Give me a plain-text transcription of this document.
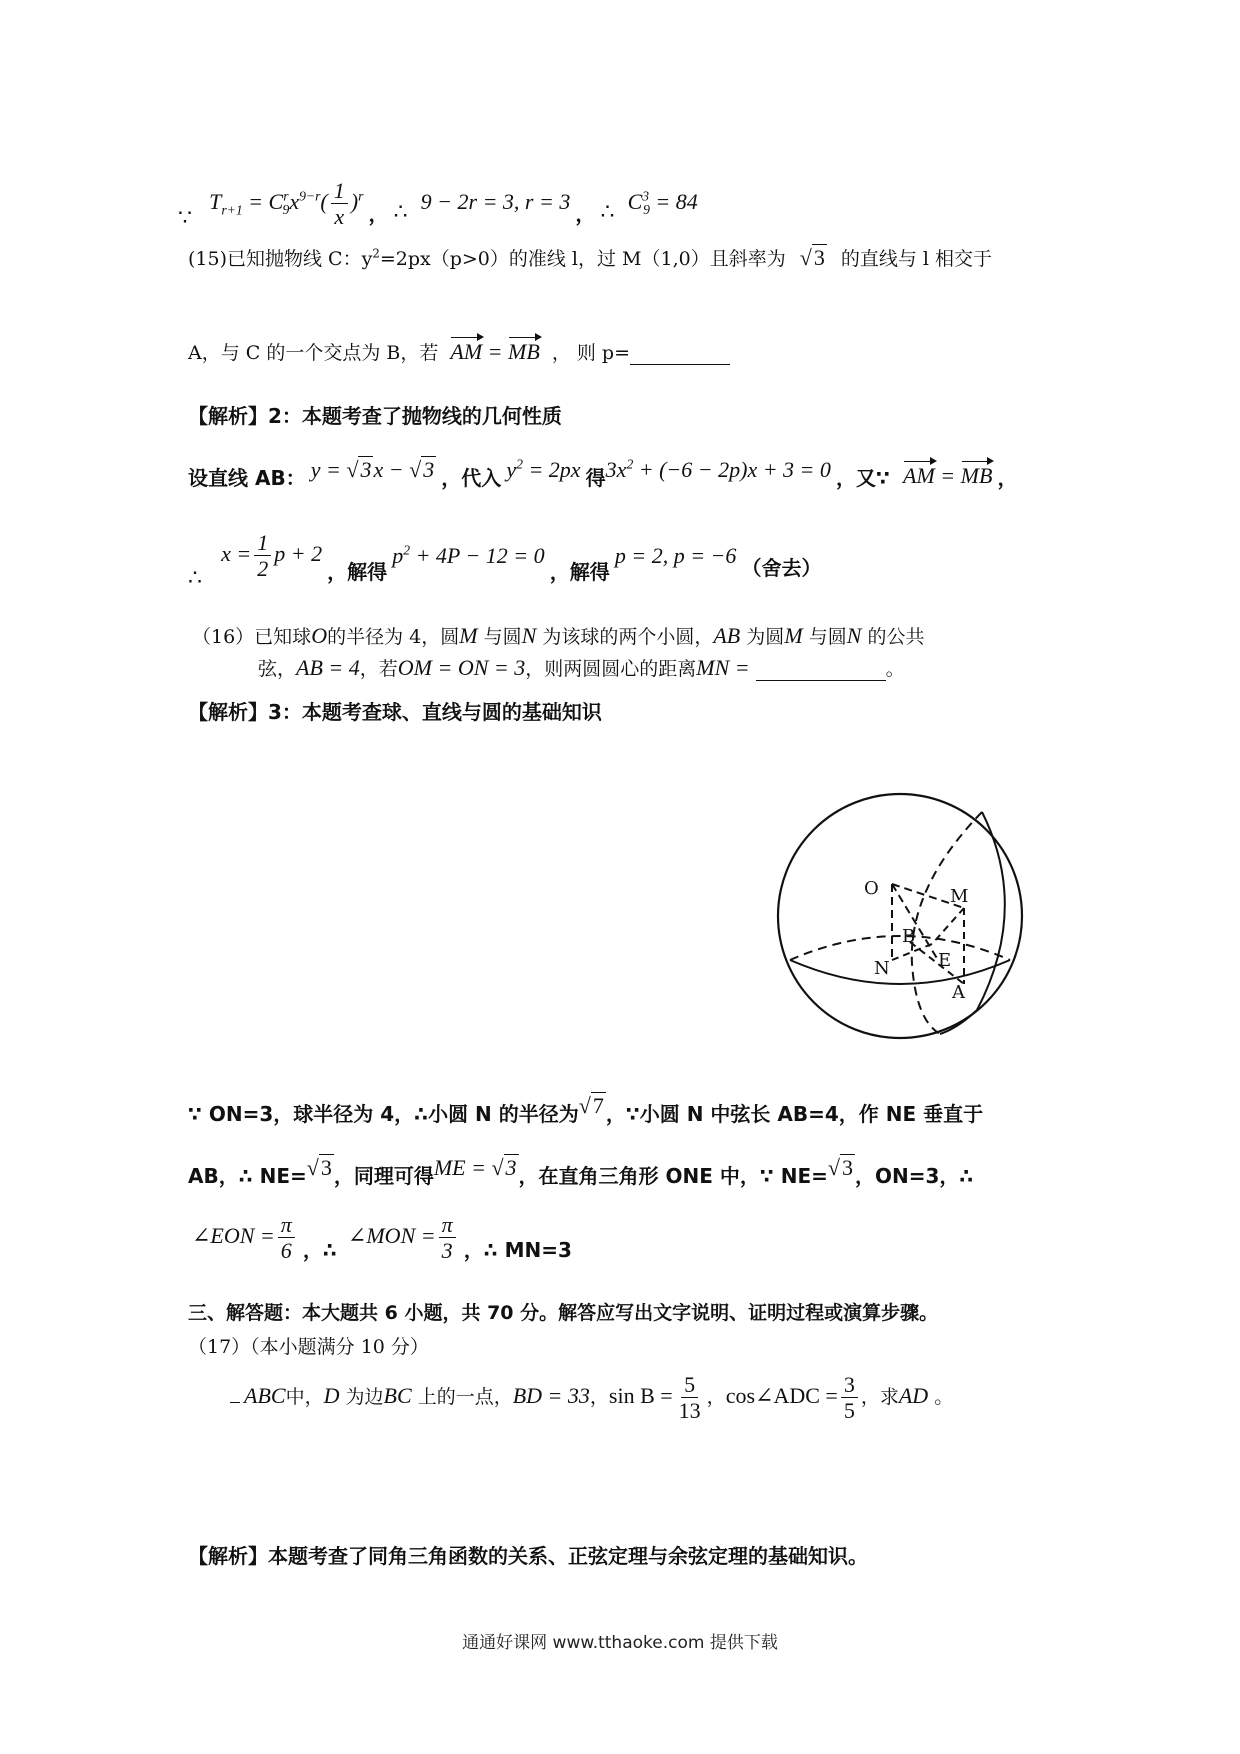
∵ $T_{r+1} = C^r_9x^{9-r}( \frac{1}{x} )^r$ ， ∴ 9 − 2r = 3, r = 3 ， ∴ $C^3_9 = 84$
(15)已知抛物线 C：$y^2=2px(p>0)$的准线 l，过 M（1,0）且斜率为 √3 的直线与 l 相交于
A，与 C 的一个交点为 B，若 AM = MB ， 则 p=
【解析】2：本题考查了抛物线的几何性质
设直线 AB： y = √3x − √3 ，代入 $y^2 = 2px$ 得$3x^2 + (-6 - 2p)x + 3 = 0$ ，又∵ AM = MB ，
∴ $x = \frac{1}{2}$ p + 2 ，解得 $p^2 + 4P - 12 = 0$ ，解得 p = 2, p = −6 （舍去）
（16）已知球O的半径为 4，圆M 与圆N 为该球的两个小圆，AB 为圆M 与圆N 的公共
弦，AB = 4，若OM = ON = 3，则两圆圆心的距离MN =	。
【解析】3：本题考查球、直线与圆的基础知识
O	M
B
N	E
A
∵ ON=3，球半径为 4，∴小圆 N 的半径为√7 ，∵小圆 N 中弦长 AB=4，作 NE 垂直于
AB，∴ NE=√3 ，同理可得ME = √3 ，在直角三角形 ONE 中，∵ NE=√3 ，ON=3，∴
∠EON = $\frac{\pi}{6}$ ，∴ ∠MON = $\frac{\pi}{3}$ ，∴ MN=3
三、解答题：本大题共 6 小题，共 70 分。解答应写出文字说明、证明过程或演算步骤。
（17）（本小题满分 10 分）
ABC中，D 为边BC 上的一点，BD = 33，$\sin B = \frac{5}{13}$ ，cos∠ADC = $\frac{3}{5}$ ，求AD 。
【解析】本题考查了同角三角函数的关系、正弦定理与余弦定理的基础知识。
通通好课网 www.tthaoke.com 提供下载
